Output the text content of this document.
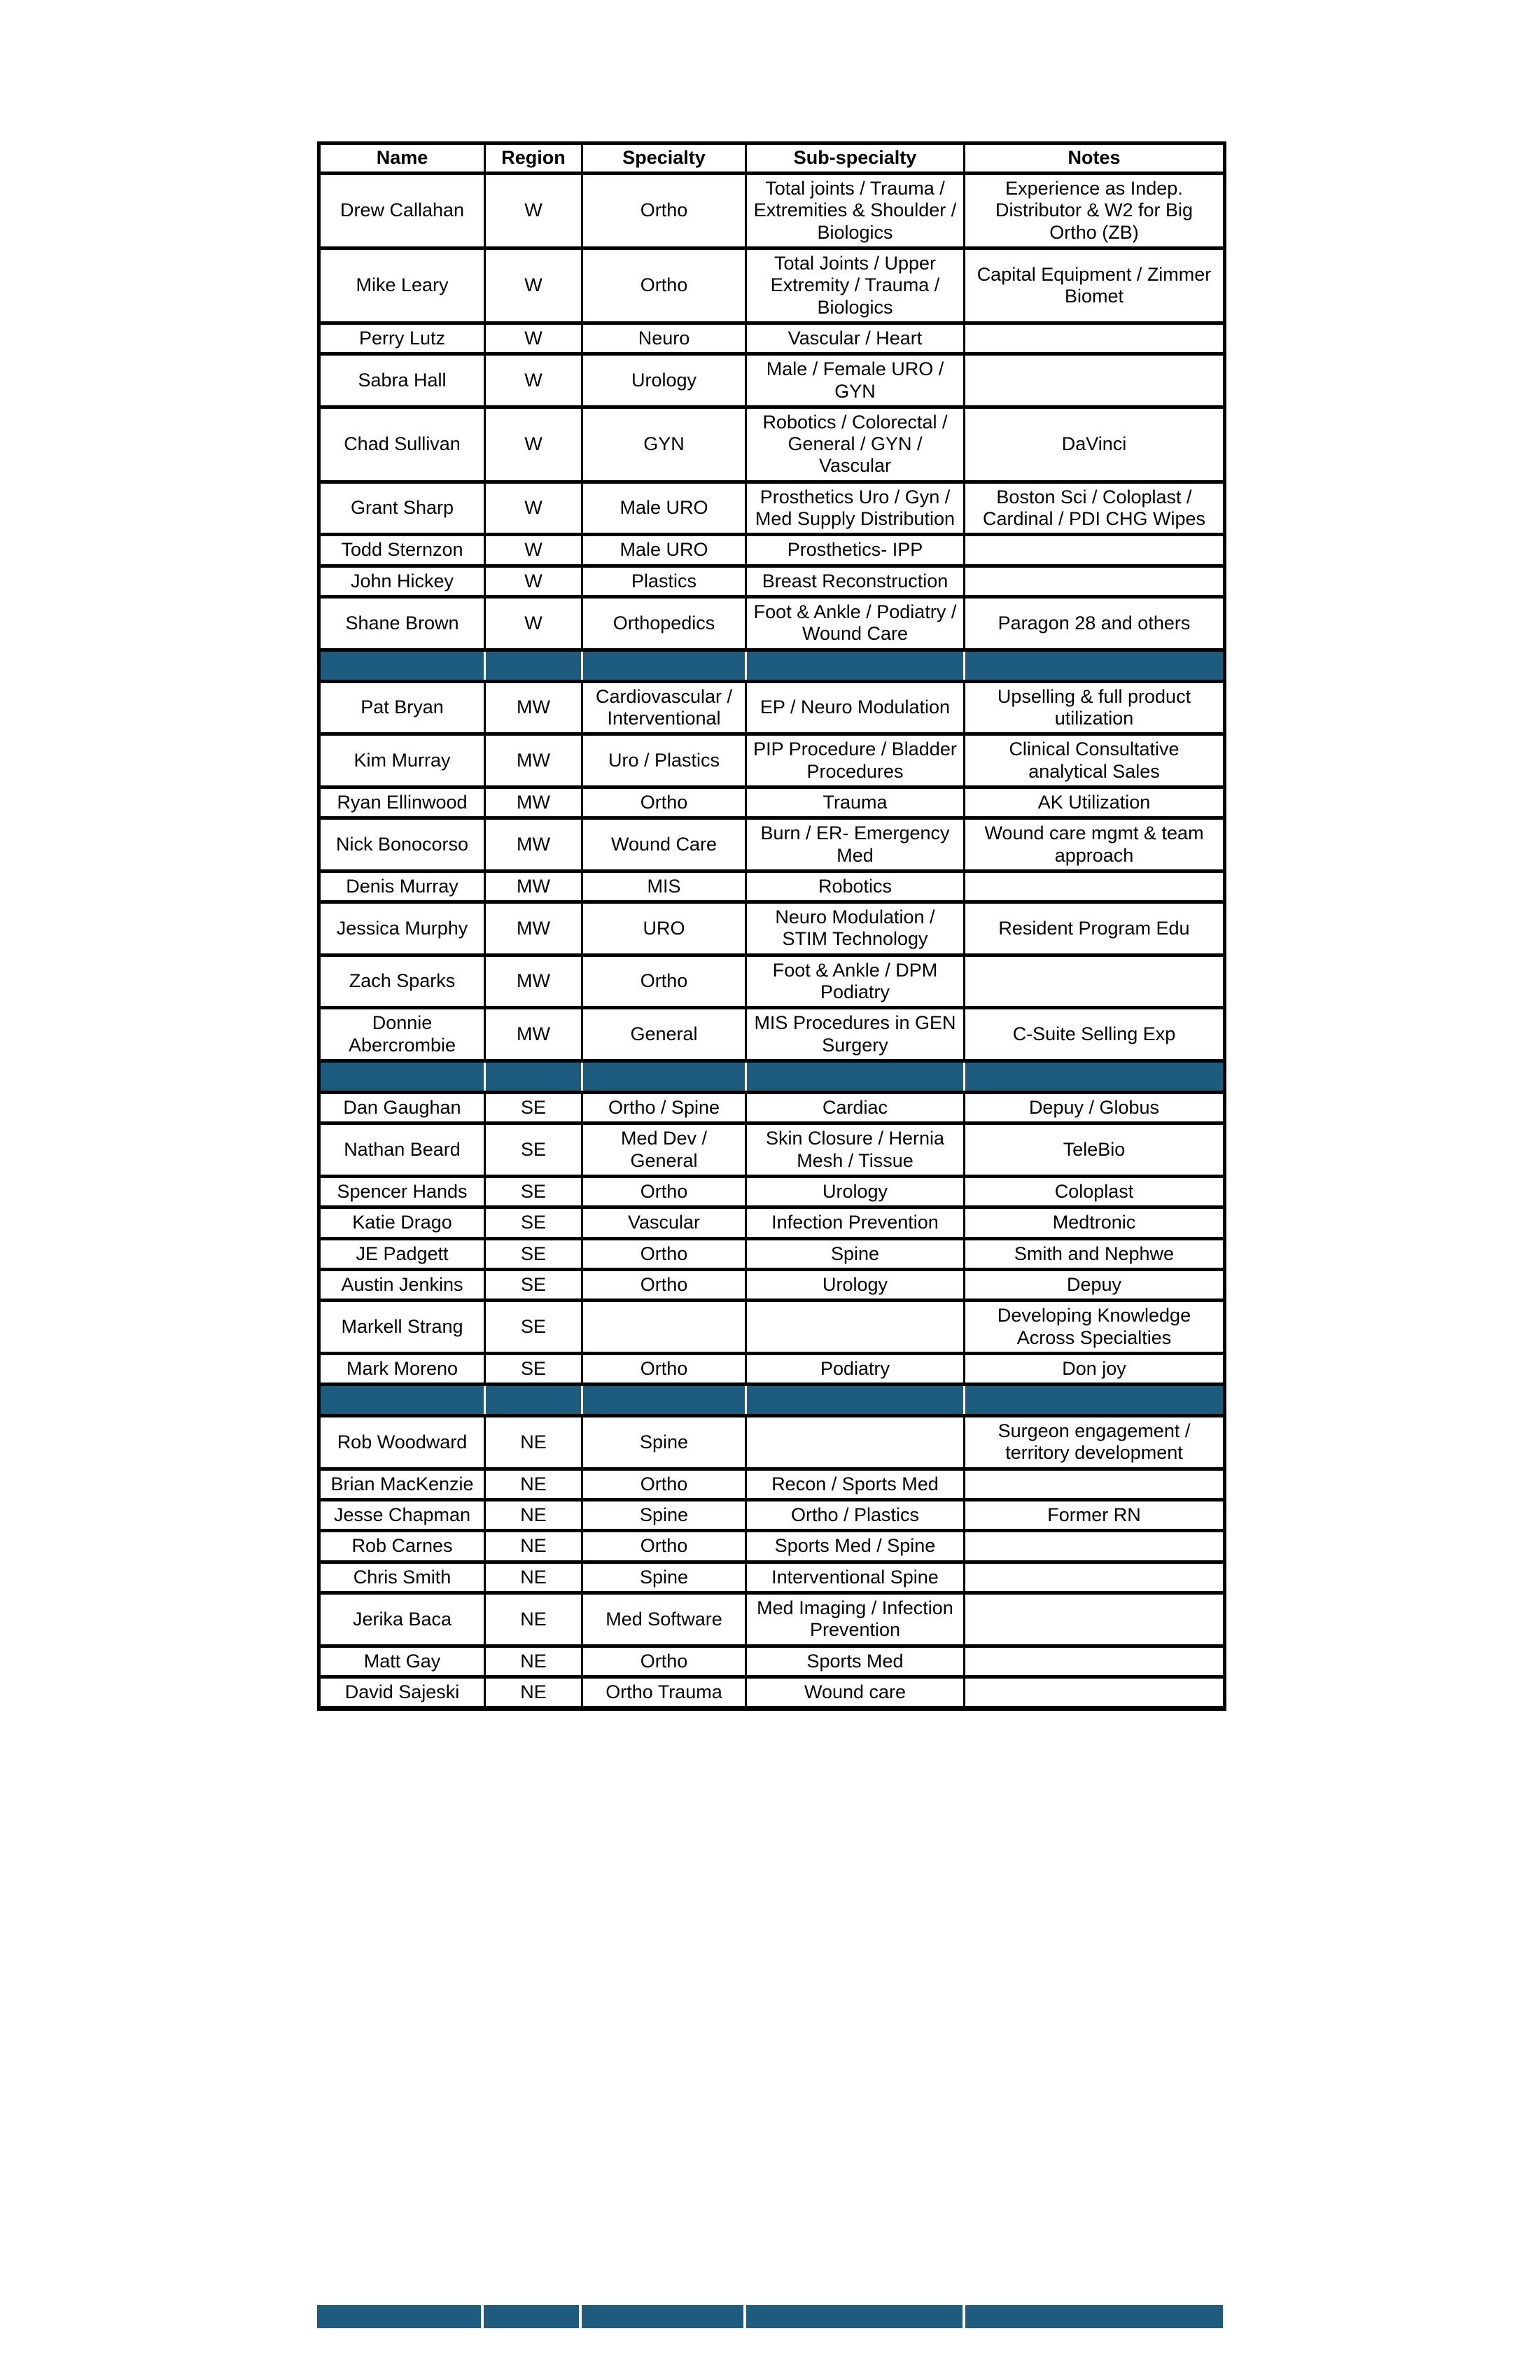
Name	Region	Specialty	Sub-specialty	Notes
Drew Callahan	W	Ortho	Total joints / Trauma / Extremities & Shoulder / Biologics	Experience as Indep. Distributor & W2 for Big Ortho (ZB)
Mike Leary	W	Ortho	Total Joints / Upper Extremity / Trauma / Biologics	Capital Equipment / Zimmer Biomet
Perry Lutz	W	Neuro	Vascular / Heart	
Sabra Hall	W	Urology	Male / Female URO / GYN	
Chad Sullivan	W	GYN	Robotics / Colorectal / General / GYN / Vascular	DaVinci
Grant Sharp	W	Male URO	Prosthetics Uro / Gyn / Med Supply Distribution	Boston Sci / Coloplast / Cardinal / PDI CHG Wipes
Todd Sternzon	W	Male URO	Prosthetics- IPP	
John Hickey	W	Plastics	Breast Reconstruction	
Shane Brown	W	Orthopedics	Foot & Ankle / Podiatry / Wound Care	Paragon 28 and others

Pat Bryan	MW	Cardiovascular / Interventional	EP / Neuro Modulation	Upselling & full product utilization
Kim Murray	MW	Uro / Plastics	PIP Procedure / Bladder Procedures	Clinical Consultative analytical Sales
Ryan Ellinwood	MW	Ortho	Trauma	AK Utilization
Nick Bonocorso	MW	Wound Care	Burn / ER- Emergency Med	Wound care mgmt & team approach
Denis Murray	MW	MIS	Robotics	
Jessica Murphy	MW	URO	Neuro Modulation / STIM Technology	Resident Program Edu
Zach Sparks	MW	Ortho	Foot & Ankle / DPM Podiatry	
Donnie Abercrombie	MW	General	MIS Procedures in GEN Surgery	C-Suite Selling Exp

Dan Gaughan	SE	Ortho / Spine	Cardiac	Depuy / Globus
Nathan Beard	SE	Med Dev / General	Skin Closure / Hernia Mesh / Tissue	TeleBio
Spencer Hands	SE	Ortho	Urology	Coloplast
Katie Drago	SE	Vascular	Infection Prevention	Medtronic
JE Padgett	SE	Ortho	Spine	Smith and Nephwe
Austin Jenkins	SE	Ortho	Urology	Depuy
Markell Strang	SE			Developing Knowledge Across Specialties
Mark Moreno	SE	Ortho	Podiatry	Don joy

Rob Woodward	NE	Spine		Surgeon engagement / territory development
Brian MacKenzie	NE	Ortho	Recon / Sports Med	
Jesse Chapman	NE	Spine	Ortho / Plastics	Former RN
Rob Carnes	NE	Ortho	Sports Med / Spine	
Chris Smith	NE	Spine	Interventional Spine	
Jerika Baca	NE	Med Software	Med Imaging / Infection Prevention	
Matt Gay	NE	Ortho	Sports Med	
David Sajeski	NE	Ortho Trauma	Wound care	
